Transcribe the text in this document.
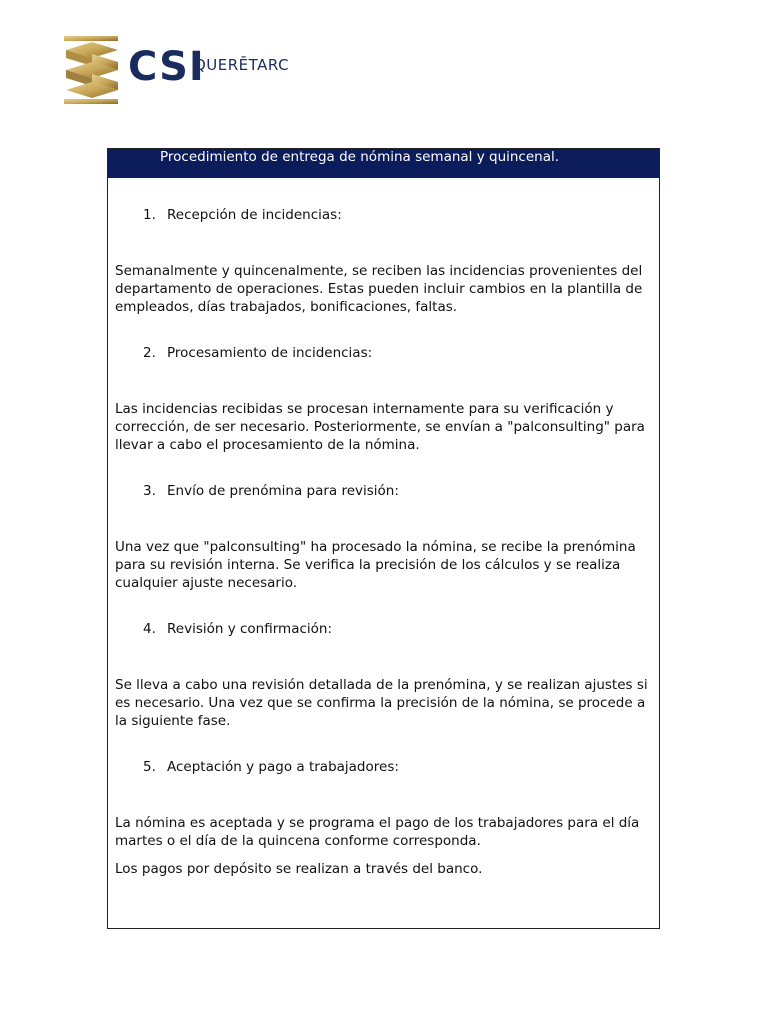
CSI
QUERĒTARC
Procedimiento de entrega de nómina semanal y quincenal.
1. Recepción de incidencias:

Semanalmente y quincenalmente, se reciben las incidencias provenientes del departamento de operaciones. Estas pueden incluir cambios en la plantilla de empleados, días trabajados, bonificaciones, faltas.

2. Procesamiento de incidencias:

Las incidencias recibidas se procesan internamente para su verificación y corrección, de ser necesario. Posteriormente, se envían a "palconsulting" para llevar a cabo el procesamiento de la nómina.

3. Envío de prenómina para revisión:

Una vez que "palconsulting" ha procesado la nómina, se recibe la prenómina para su revisión interna. Se verifica la precisión de los cálculos y se realiza cualquier ajuste necesario.

4. Revisión y confirmación:

Se lleva a cabo una revisión detallada de la prenómina, y se realizan ajustes si es necesario. Una vez que se confirma la precisión de la nómina, se procede a la siguiente fase.

5. Aceptación y pago a trabajadores:

La nómina es aceptada y se programa el pago de los trabajadores para el día martes o el día de la quincena conforme corresponda.

Los pagos por depósito se realizan a través del banco.
